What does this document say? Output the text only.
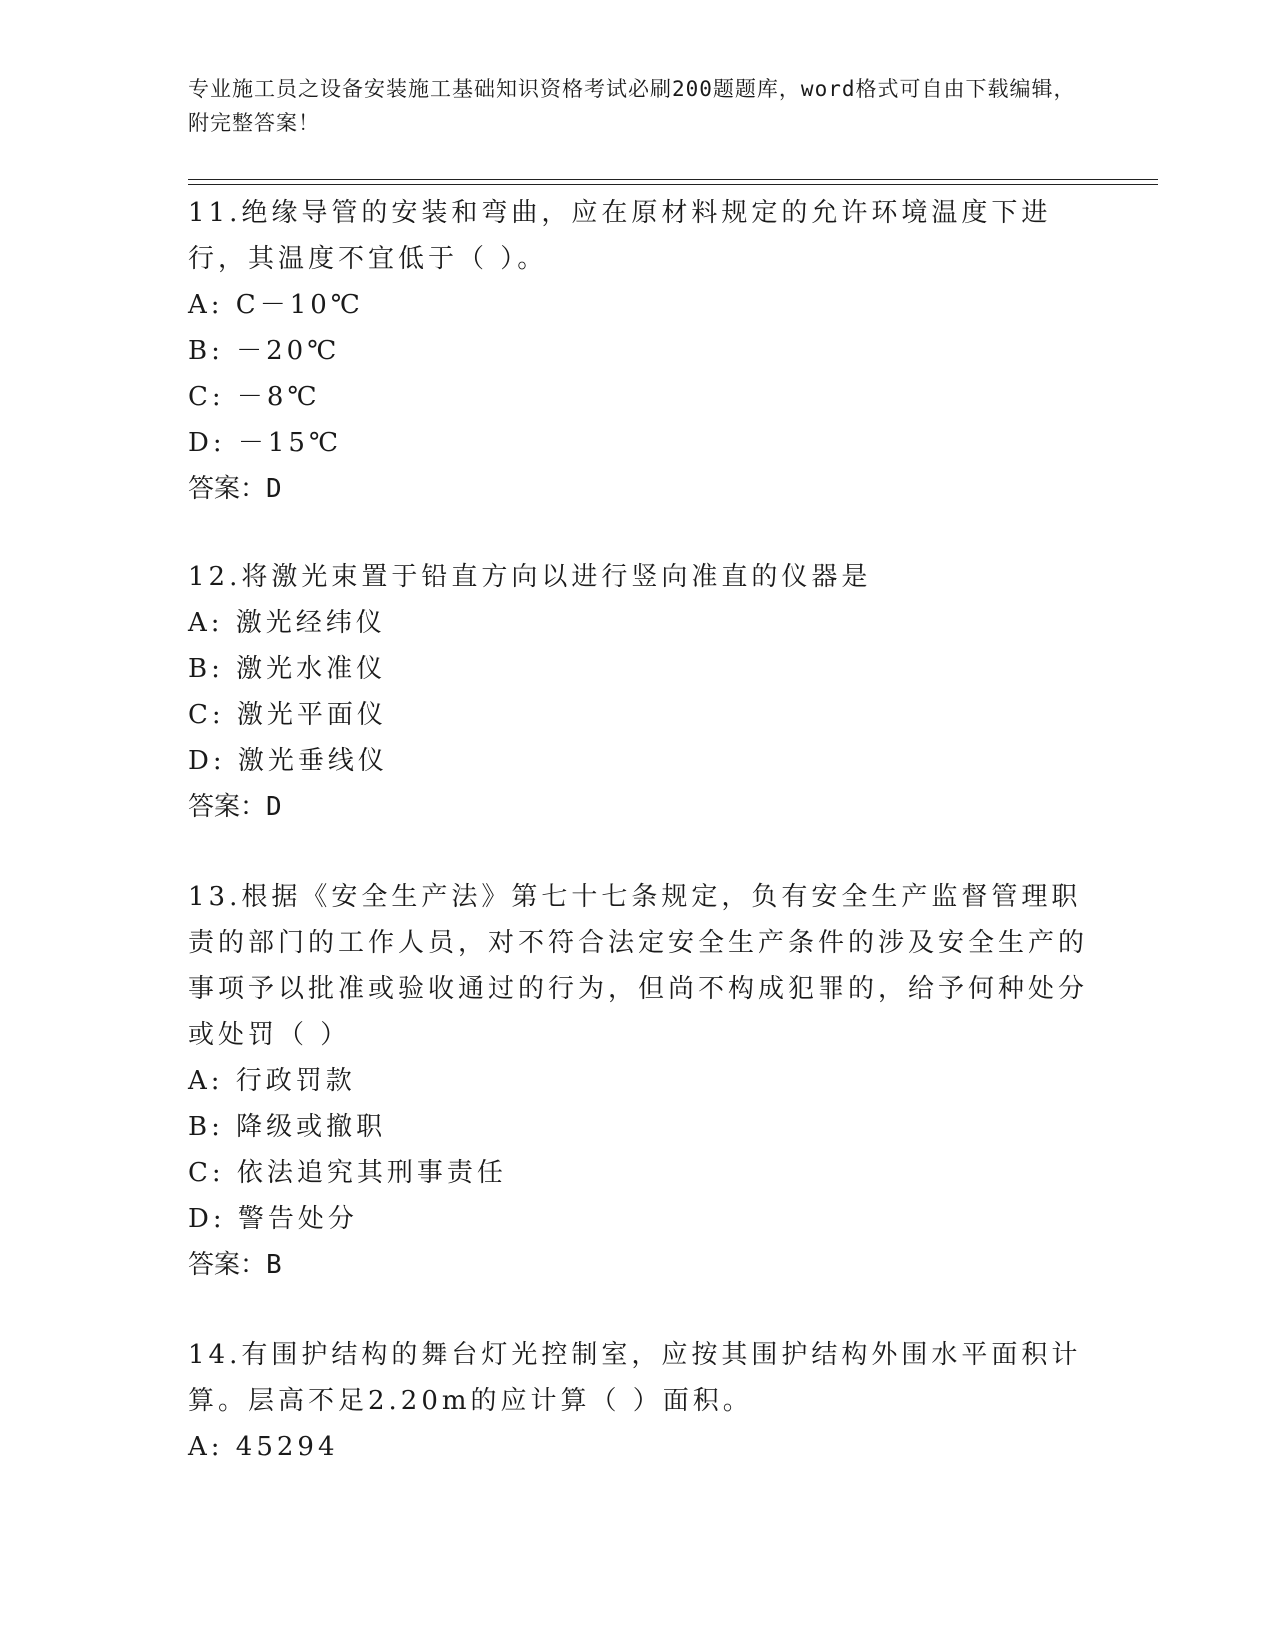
专业施工员之设备安装施工基础知识资格考试必刷200题题库，word格式可自由下载编辑，附完整答案！

11.绝缘导管的安装和弯曲，应在原材料规定的允许环境温度下进行，其温度不宜低于（ ）。

A: C－10℃

B: －20℃

C: －8℃

D: －15℃

答案：D

12.将激光束置于铅直方向以进行竖向准直的仪器是

A: 激光经纬仪

B: 激光水准仪

C: 激光平面仪

D: 激光垂线仪

答案：D

13.根据《安全生产法》第七十七条规定，负有安全生产监督管理职责的部门的工作人员，对不符合法定安全生产条件的涉及安全生产的事项予以批准或验收通过的行为，但尚不构成犯罪的，给予何种处分或处罚（ ）

A: 行政罚款

B: 降级或撤职

C: 依法追究其刑事责任

D: 警告处分

答案：B

14.有围护结构的舞台灯光控制室，应按其围护结构外围水平面积计算。层高不足2.20m的应计算（ ）面积。

A: 45294
